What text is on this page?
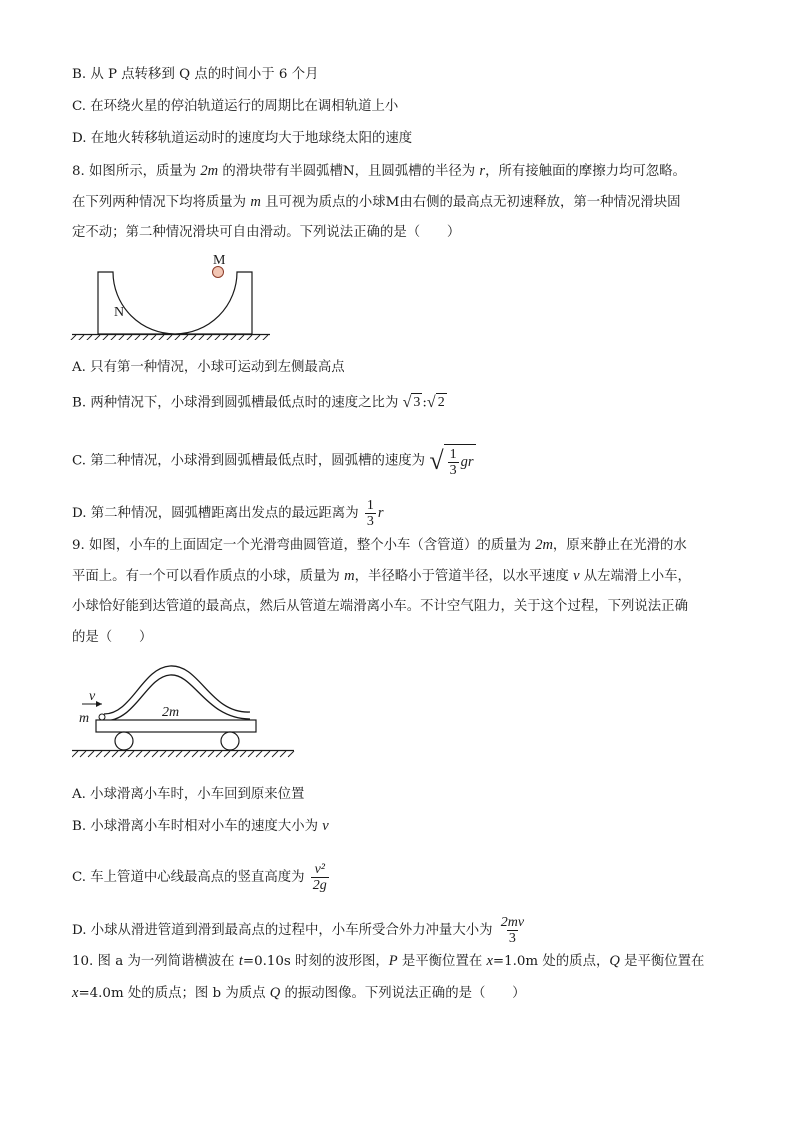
B. 从 P 点转移到 Q 点的时间小于 6 个月
C. 在环绕火星的停泊轨道运行的周期比在调相轨道上小
D. 在地火转移轨道运动时的速度均大于地球绕太阳的速度
8. 如图所示，质量为 2m 的滑块带有半圆弧槽N，且圆弧槽的半径为 r，所有接触面的摩擦力均可忽略。
在下列两种情况下均将质量为 m 且可视为质点的小球M由右侧的最高点无初速释放，第一种情况滑块固
定不动；第二种情况滑块可自由滑动。下列说法正确的是（　　）
M
N
A. 只有第一种情况，小球可运动到左侧最高点
B. 两种情况下，小球滑到圆弧槽最低点时的速度之比为 √ 3 : √ 2
C. 第二种情况，小球滑到圆弧槽最低点时，圆弧槽的速度为 √ $\frac{1}{3}$ gr
D. 第二种情况，圆弧槽距离出发点的最远距离为 $\frac{1}{3}$ r
9. 如图，小车的上面固定一个光滑弯曲圆管道，整个小车（含管道）的质量为 2m，原来静止在光滑的水
平面上。有一个可以看作质点的小球，质量为 m，半径略小于管道半径，以水平速度 v 从左端滑上小车，
小球恰好能到达管道的最高点，然后从管道左端滑离小车。不计空气阻力，关于这个过程，下列说法正确
的是（　　）
v
m	2m
A. 小球滑离小车时，小车回到原来位置
B. 小球滑离小车时相对小车的速度大小为 v
C. 车上管道中心线最高点的竖直高度为 $\frac{\text{v²}}{2g}$
D. 小球从滑进管道到滑到最高点的过程中，小车所受合外力冲量大小为 $\frac{2mv}{3}$
10. 图 a 为一列简谐横波在 t=0.10s 时刻的波形图，P 是平衡位置在 x=1.0m 处的质点，Q 是平衡位置在
x=4.0m 处的质点；图 b 为质点 Q 的振动图像。下列说法正确的是（　　）
